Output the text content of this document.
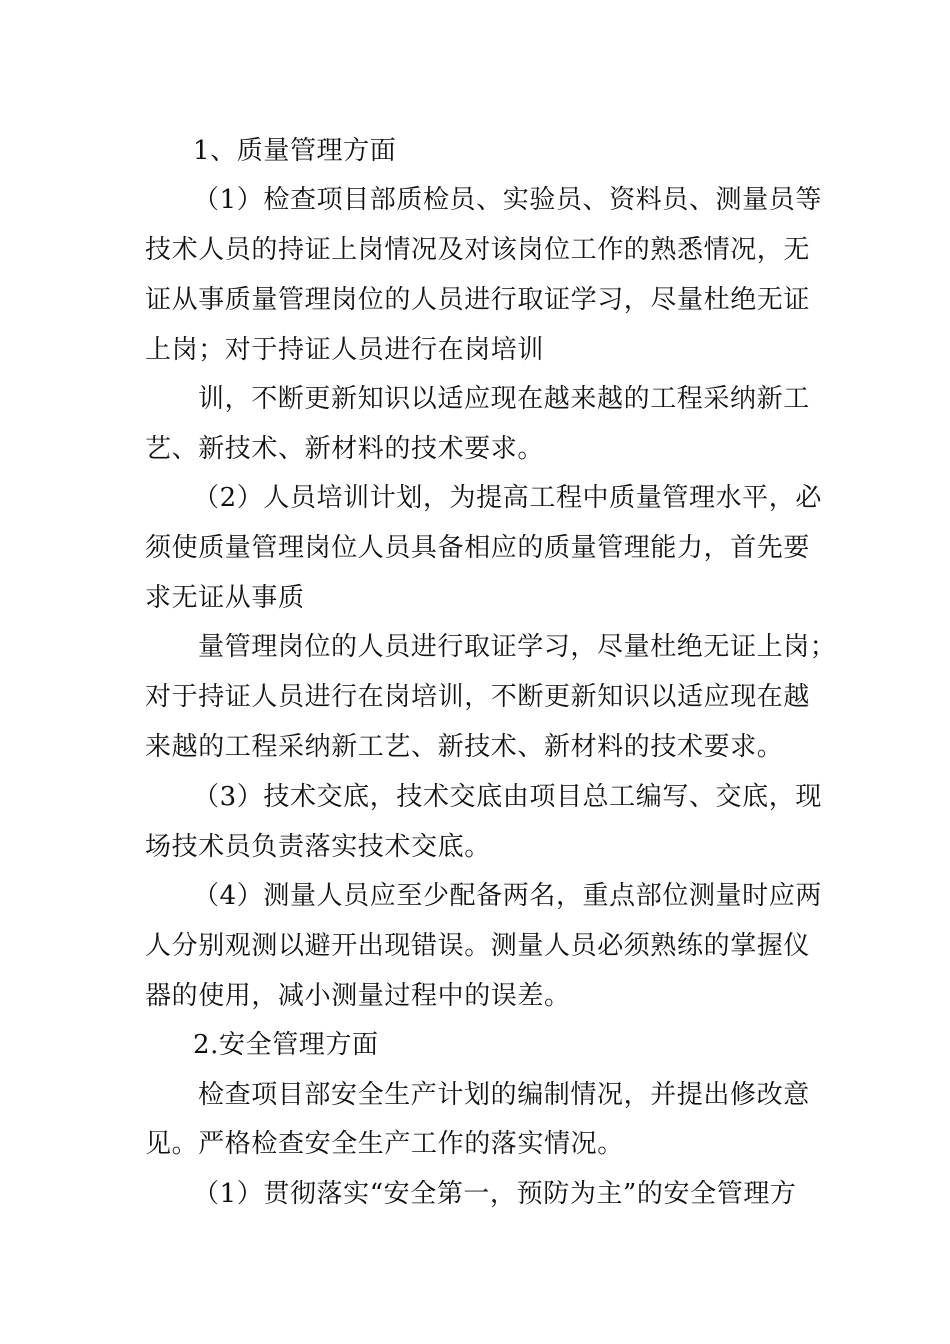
1、质量管理方面
（1）检查项目部质检员、实验员、资料员、测量员等
技术人员的持证上岗情况及对该岗位工作的熟悉情况，无
证从事质量管理岗位的人员进行取证学习，尽量杜绝无证
上岗；对于持证人员进行在岗培训
训，不断更新知识以适应现在越来越的工程采纳新工
艺、新技术、新材料的技术要求。
（2）人员培训计划，为提高工程中质量管理水平，必
须使质量管理岗位人员具备相应的质量管理能力，首先要
求无证从事质
量管理岗位的人员进行取证学习，尽量杜绝无证上岗；
对于持证人员进行在岗培训，不断更新知识以适应现在越
来越的工程采纳新工艺、新技术、新材料的技术要求。
（3）技术交底，技术交底由项目总工编写、交底，现
场技术员负责落实技术交底。
（4）测量人员应至少配备两名，重点部位测量时应两
人分别观测以避开出现错误。测量人员必须熟练的掌握仪
器的使用，减小测量过程中的误差。
2.安全管理方面
检查项目部安全生产计划的编制情况，并提出修改意
见。严格检查安全生产工作的落实情况。
（1）贯彻落实“安全第一，预防为主”的安全管理方
